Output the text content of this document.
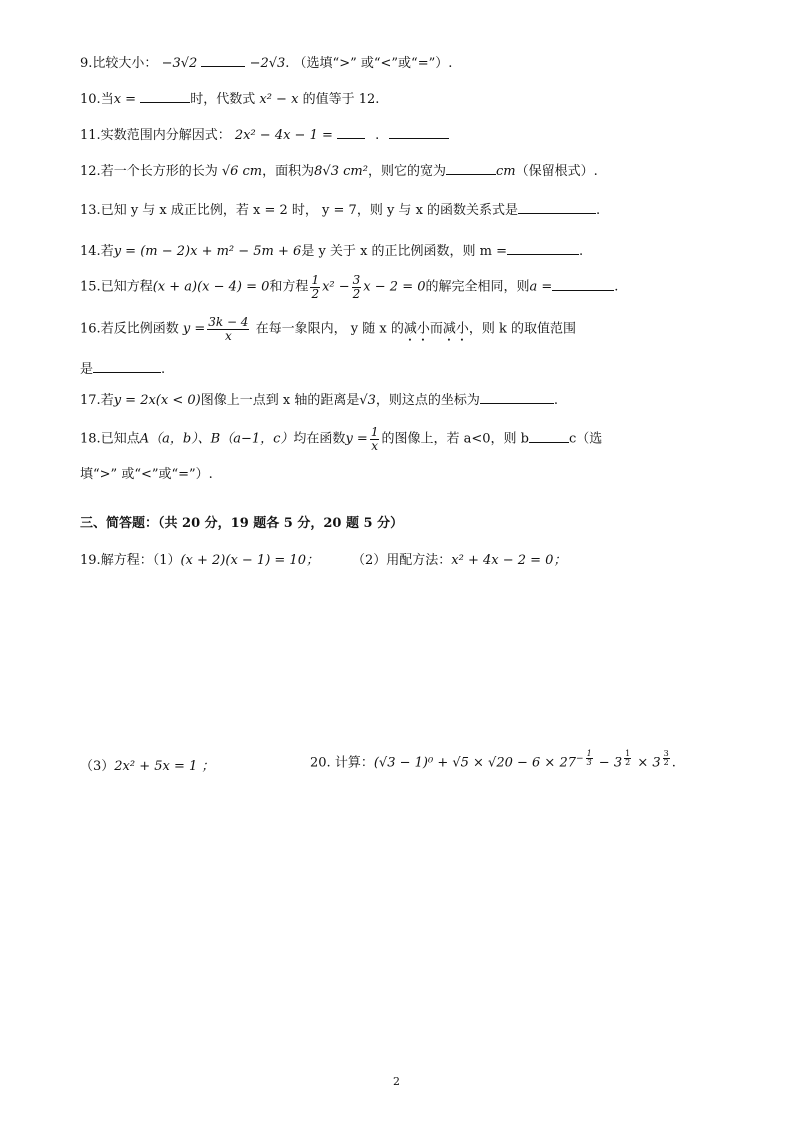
9.比较大小： −3√2	−2√3. （选填“>” 或“<”或“=”）.
10.当x =	时，代数式 x² − x 的值等于 12.
11.实数范围内分解因式： 2x² − 4x − 1 =	.
12.若一个长方形的长为 √6 cm，面积为8√3 cm²，则它的宽为	cm（保留根式）.
13.已知 y 与 x 成正比例，若 x = 2 时， y = 7，则 y 与 x 的函数关系式是	.
14.若y = (m − 2)x + m² − 5m + 6是 y 关于 x 的正比例函数，则 m =	.
15.已知方程(x + a)(x − 4) = 0和方程 $\frac{1}{2} x^2 - \frac{3}{2}$ x − 2 = 0的解完全相同，则a =	.
16.若反比例函数 $y = \frac{3k - 4}{x}$ 在每一象限内， y 随 x 的减小而减小，则 k 的取值范围
是	.
17.若y = 2x(x < 0)图像上一点到 x 轴的距离是√3，则这点的坐标为	.
18.已知点A（a，b）、B（a−1，c）均在函数$y = \frac{1}{x}$ 的图像上，若 a<0，则 b	c（选
填“>” 或“<”或“=”）.
三、简答题：（共 20 分，19 题各 5 分，20 题 5 分）
19.解方程：（1）(x + 2)(x − 1) = 10；	（2）用配方法：x² + 4x − 2 = 0；
（3）2x² + 5x = 1 ；	20. 计算：$(√3 - 1)^0 + √5 \times √20 - 6 \times 27^{- \frac{1}{3}} - 3$ $^{\frac{1}{2}}$ × 3 $^{\frac{3}{2}}$ .
2
